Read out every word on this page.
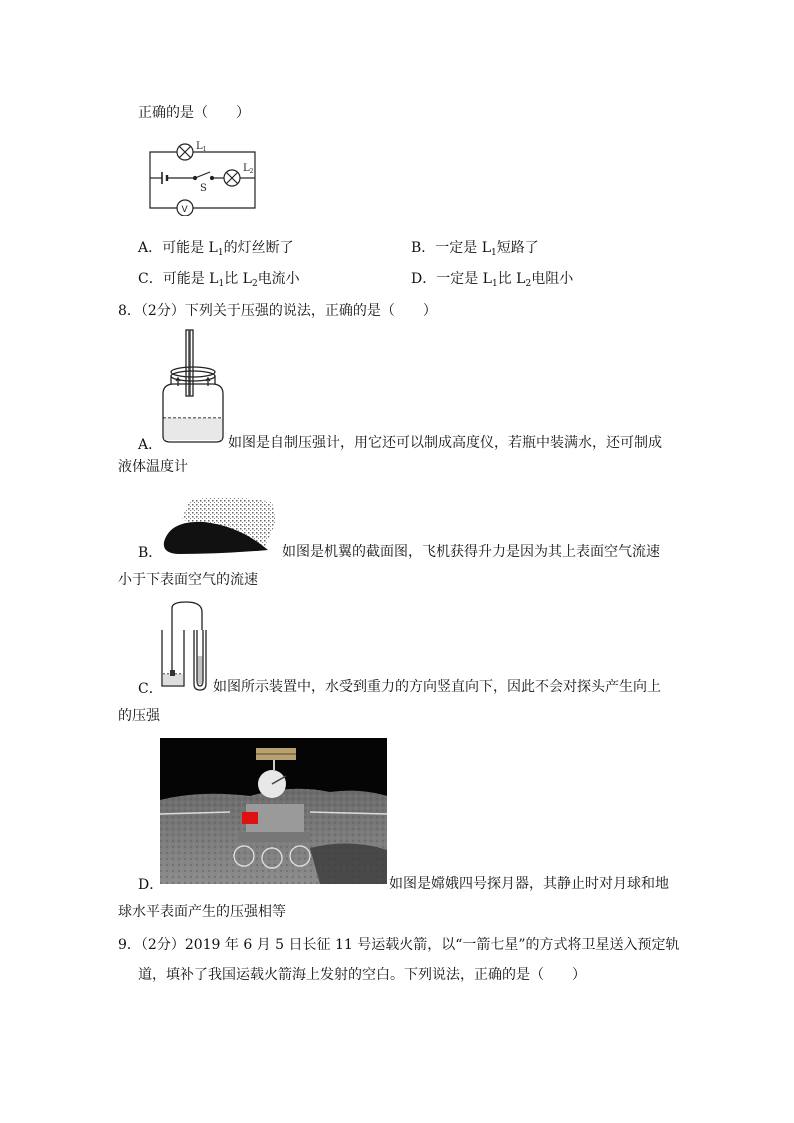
正确的是（　　）
$L_1$
$L_2$
S
V
A．可能是 $L_1$的灯丝断了	B．一定是 $L_1$短路了
C．可能是 $L_1$比 $L_2$电流小	D．一定是 $L_1$比 $L_2$电阻小
8．（2分）下列关于压强的说法，正确的是（　　）
A．	如图是自制压强计，用它还可以制成高度仪，若瓶中装满水，还可制成
液体温度计
B．	如图是机翼的截面图，飞机获得升力是因为其上表面空气流速
小于下表面空气的流速
C．	如图所示装置中，水受到重力的方向竖直向下，因此不会对探头产生向上
的压强
D．	如图是嫦娥四号探月器，其静止时对月球和地
球水平表面产生的压强相等
9．（2分）2019 年 6 月 5 日长征 11 号运载火箭，以“一箭七星”的方式将卫星送入预定轨
道，填补了我国运载火箭海上发射的空白。下列说法，正确的是（　　）
